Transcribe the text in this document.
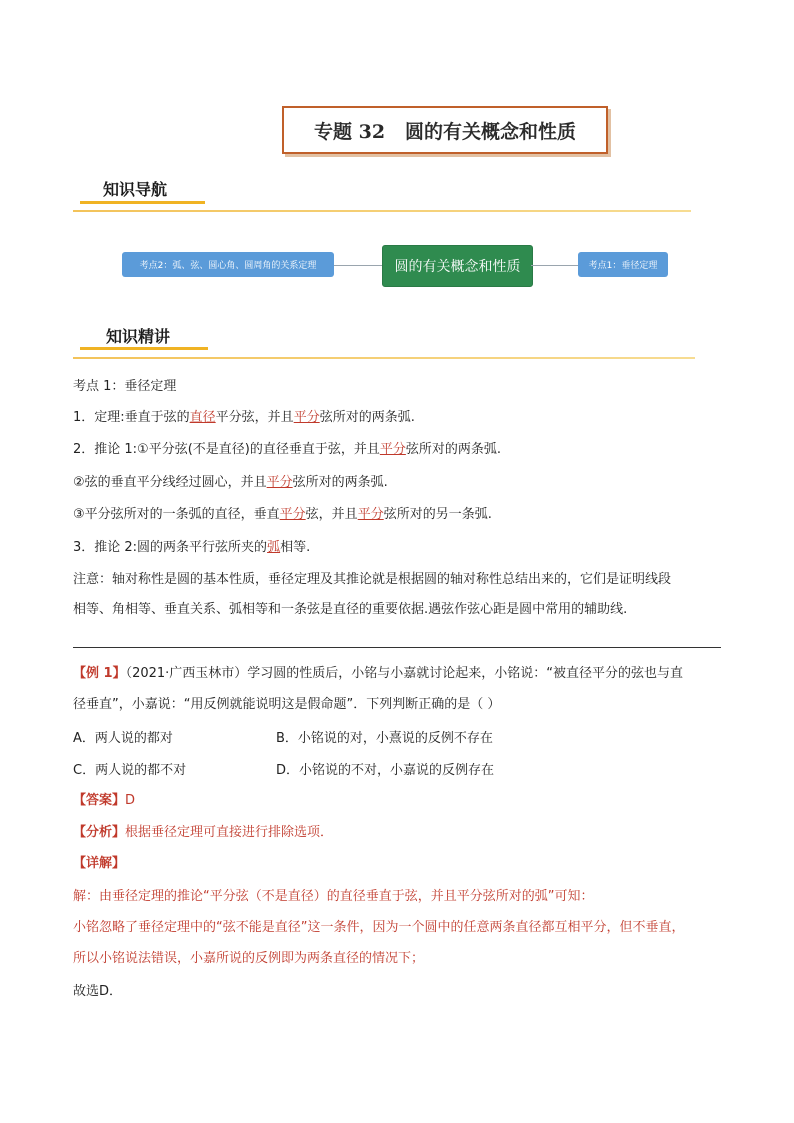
专题 32   圆的有关概念和性质
知识导航
考点2：弧、弦、圆心角、圆周角的关系定理	圆的有关概念和性质	考点1：垂径定理
知识精讲
考点 1：垂径定理
1．定理:垂直于弦的直径平分弦，并且平分弦所对的两条弧.
2．推论 1:①平分弦(不是直径)的直径垂直于弦，并且平分弦所对的两条弧.
②弦的垂直平分线经过圆心，并且平分弦所对的两条弧.
③平分弦所对的一条弧的直径，垂直平分弦，并且平分弦所对的另一条弧.
3．推论 2:圆的两条平行弦所夹的弧相等.
注意：轴对称性是圆的基本性质，垂径定理及其推论就是根据圆的轴对称性总结出来的，它们是证明线段
相等、角相等、垂直关系、弧相等和一条弦是直径的重要依据.遇弦作弦心距是圆中常用的辅助线.
【例 1】（2021·广西玉林市）学习圆的性质后，小铭与小嘉就讨论起来，小铭说：“被直径平分的弦也与直
径垂直”，小嘉说：“用反例就能说明这是假命题”．下列判断正确的是（ ）
A．两人说的都对	B．小铭说的对，小熹说的反例不存在
C．两人说的都不对	D．小铭说的不对，小嘉说的反例存在
【答案】D
【分析】根据垂径定理可直接进行排除选项．
【详解】
解：由垂径定理的推论“平分弦（不是直径）的直径垂直于弦，并且平分弦所对的弧”可知：
小铭忽略了垂径定理中的“弦不能是直径”这一条件，因为一个圆中的任意两条直径都互相平分，但不垂直，
所以小铭说法错误，小嘉所说的反例即为两条直径的情况下；
故选D．
